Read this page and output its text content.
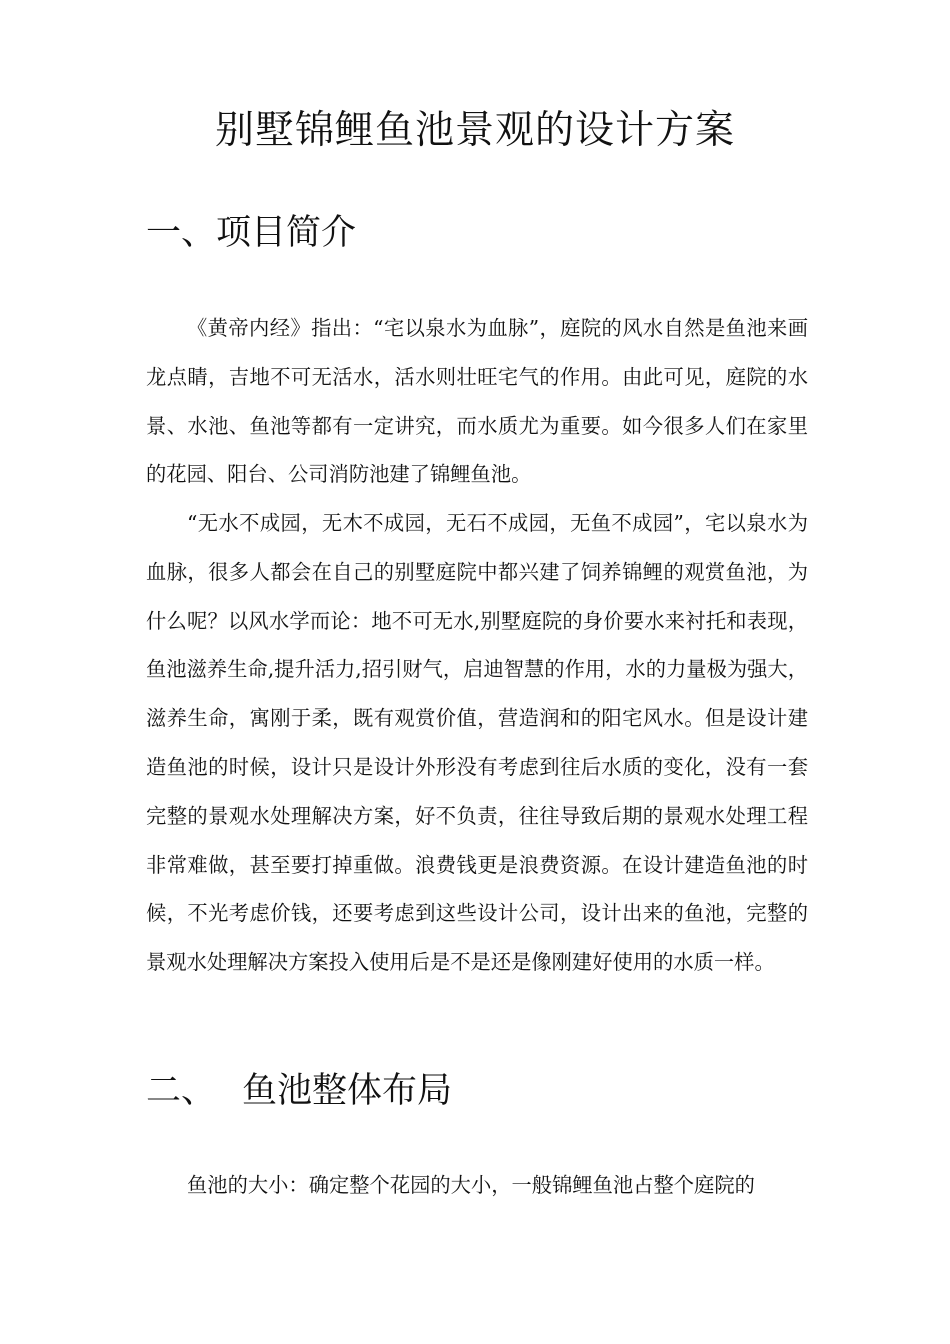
别墅锦鲤鱼池景观的设计方案
一、项目简介

《黄帝内经》指出：“宅以泉水为血脉”，庭院的风水自然是鱼池来画龙点睛，吉地不可无活水，活水则壮旺宅气的作用。由此可见，庭院的水景、水池、鱼池等都有一定讲究，而水质尤为重要。如今很多人们在家里的花园、阳台、公司消防池建了锦鲤鱼池。

“无水不成园，无木不成园，无石不成园，无鱼不成园”，宅以泉水为血脉，很多人都会在自己的别墅庭院中都兴建了饲养锦鲤的观赏鱼池，为什么呢？以风水学而论：地不可无水,别墅庭院的身价要水来衬托和表现，鱼池滋养生命,提升活力,招引财气，启迪智慧的作用，水的力量极为强大，滋养生命，寓刚于柔，既有观赏价值，营造润和的阳宅风水。但是设计建造鱼池的时候，设计只是设计外形没有考虑到往后水质的变化，没有一套完整的景观水处理解决方案，好不负责，往往导致后期的景观水处理工程非常难做，甚至要打掉重做。浪费钱更是浪费资源。在设计建造鱼池的时候，不光考虑价钱，还要考虑到这些设计公司，设计出来的鱼池，完整的景观水处理解决方案投入使用后是不是还是像刚建好使用的水质一样。

二、 鱼池整体布局

鱼池的大小：确定整个花园的大小，一般锦鲤鱼池占整个庭院的
